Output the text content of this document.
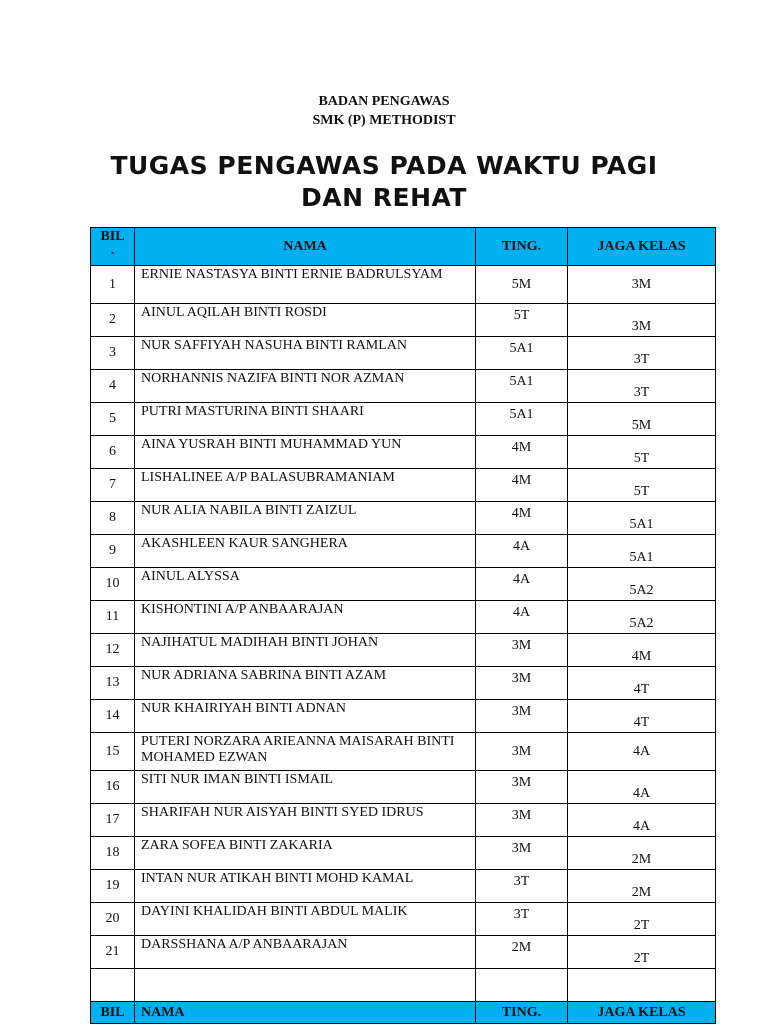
BADAN PENGAWAS
SMK (P) METHODIST
TUGAS PENGAWAS PADA WAKTU PAGI
DAN REHAT
BIL
.	NAMA	TING.	JAGA KELAS
1	ERNIE NASTASYA BINTI ERNIE BADRULSYAM	5M	3M
2	AINUL AQILAH BINTI ROSDI	5T	3M
3	NUR SAFFIYAH NASUHA BINTI RAMLAN	5A1	3T
4	NORHANNIS NAZIFA BINTI NOR AZMAN	5A1	3T
5	PUTRI MASTURINA BINTI SHAARI	5A1	5M
6	AINA YUSRAH BINTI MUHAMMAD YUN	4M	5T
7	LISHALINEE A/P BALASUBRAMANIAM	4M	5T
8	NUR ALIA NABILA BINTI ZAIZUL	4M	5A1
9	AKASHLEEN KAUR SANGHERA	4A	5A1
10	AINUL ALYSSA	4A	5A2
11	KISHONTINI A/P ANBAARAJAN	4A	5A2
12	NAJIHATUL MADIHAH BINTI JOHAN	3M	4M
13	NUR ADRIANA SABRINA BINTI AZAM	3M	4T
14	NUR KHAIRIYAH BINTI ADNAN	3M	4T
15	PUTERI NORZARA ARIEANNA MAISARAH BINTI MOHAMED EZWAN	3M	4A
16	SITI NUR IMAN BINTI ISMAIL	3M	4A
17	SHARIFAH NUR AISYAH BINTI SYED IDRUS	3M	4A
18	ZARA SOFEA BINTI ZAKARIA	3M	2M
19	INTAN NUR ATIKAH BINTI MOHD KAMAL	3T	2M
20	DAYINI KHALIDAH BINTI ABDUL MALIK	3T	2T
21	DARSSHANA A/P ANBAARAJAN	2M	2T

BIL	NAMA	TING.	JAGA KELAS
